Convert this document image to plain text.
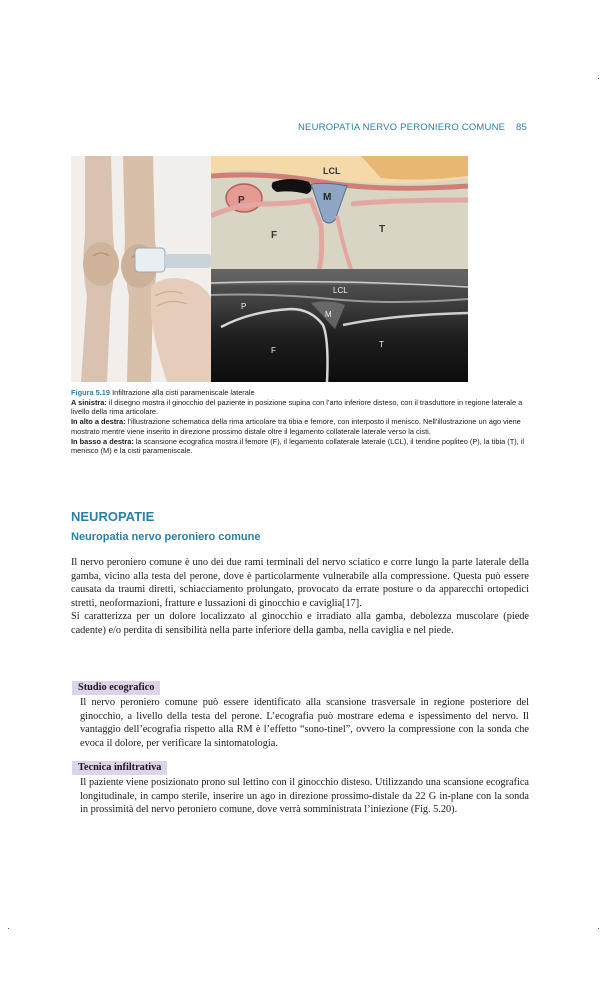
NEUROPATIA NERVO PERONIERO COMUNE 85
P	M
LCL
F
T
LCL
P
M
F
T
Figura 5.19 Infiltrazione alla cisti parameniscale laterale
A sinistra: il disegno mostra il ginocchio del paziente in posizione supina con l’arto inferiore disteso, con il trasduttore in regione laterale a livello della rima articolare.
In alto a destra: l’illustrazione schematica della rima articolare tra tibia e femore, con interposto il menisco. Nell’illustrazione un ago viene mostrato mentre viene inserito in direzione prossimo distale oltre il legamento collaterale laterale verso la cisti.
In basso a destra: la scansione ecografica mostra il femore (F), il legamento collaterale laterale (LCL), il tendine popliteo (P), la tibia (T), il menisco (M) e la cisti parameniscale.
NEUROPATIE
Neuropatia nervo peroniero comune

Il nervo peroniero comune è uno dei due rami terminali del nervo sciatico e corre lungo la parte laterale della gamba, vicino alla testa del perone, dove è particolarmente vulnerabile alla compressione. Questa può essere causata da traumi diretti, schiacciamento prolungato, provocato da errate posture o da apparecchi ortopedici stretti, neoformazioni, fratture e lussazioni di ginocchio e caviglia[17].

Si caratterizza per un dolore localizzato al ginocchio e irradiato alla gamba, debolezza muscolare (piede cadente) e/o perdita di sensibilità nella parte inferiore della gamba, nella caviglia e nel piede.

Studio ecografico
Il nervo peroniero comune può essere identificato alla scansione trasversale in regione posteriore del ginocchio, a livello della testa del perone. L’ecografia può mostrare edema e ispessimento del nervo. Il vantaggio dell’ecografia rispetto alla RM è l’effetto “sono-tinel”, ovvero la compressione con la sonda che evoca il dolore, per verificare la sintomatologia.
Tecnica infiltrativa
Il paziente viene posizionato prono sul lettino con il ginocchio disteso. Utilizzando una scansione ecografica longitudinale, in campo sterile, inserire un ago in direzione prossimo-distale da 22 G in-plane con la sonda in prossimità del nervo peroniero comune, dove verrà somministrata l’iniezione (Fig. 5.20).
